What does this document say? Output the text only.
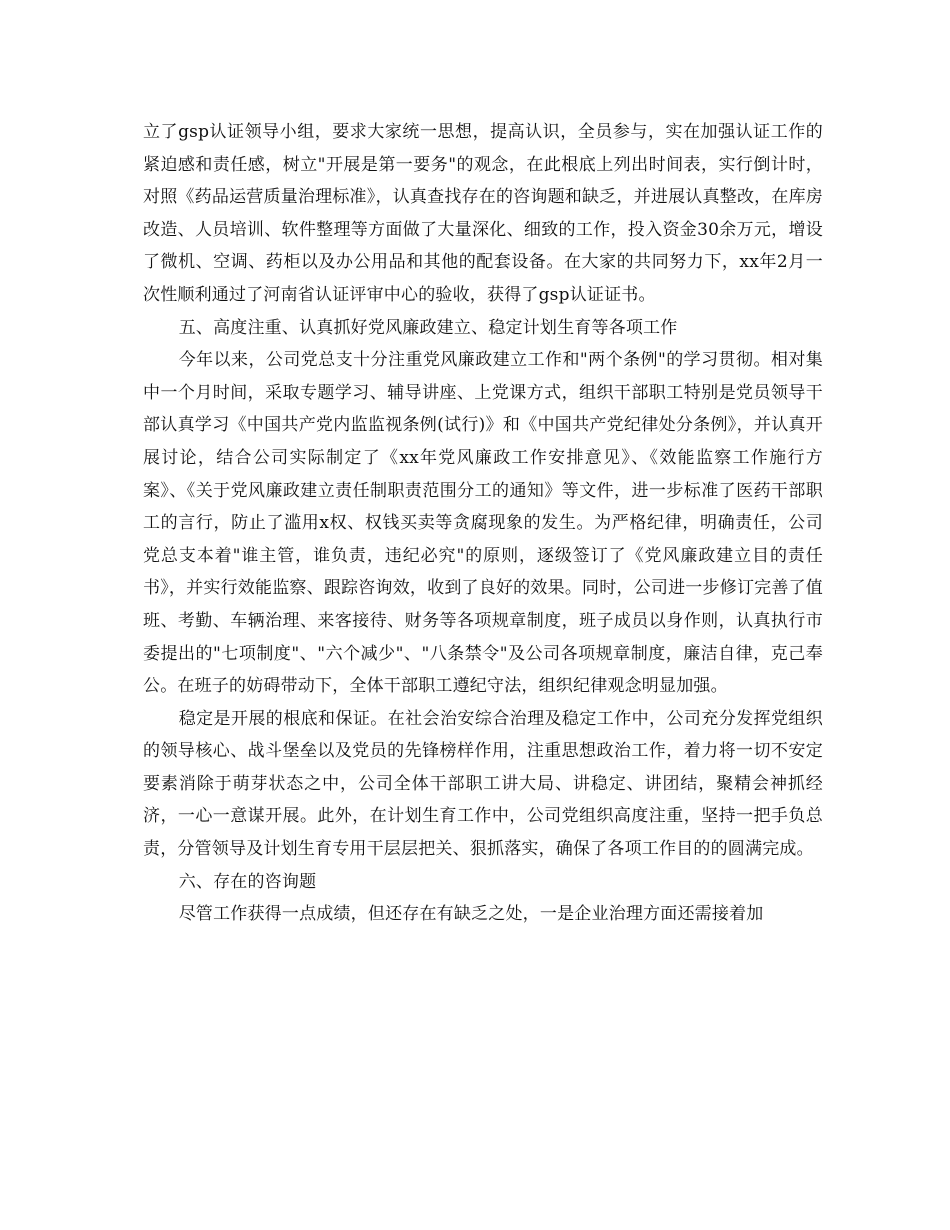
立了gsp认证领导小组，要求大家统一思想，提高认识，全员参与，实在加强认证工作的紧迫感和责任感，树立"开展是第一要务"的观念，在此根底上列出时间表，实行倒计时，对照《药品运营质量治理标准》，认真查找存在的咨询题和缺乏，并进展认真整改，在库房改造、人员培训、软件整理等方面做了大量深化、细致的工作，投入资金30余万元，增设了微机、空调、药柜以及办公用品和其他的配套设备。在大家的共同努力下，xx年2月一次性顺利通过了河南省认证评审中心的验收，获得了gsp认证证书。

五、高度注重、认真抓好党风廉政建立、稳定计划生育等各项工作

今年以来，公司党总支十分注重党风廉政建立工作和"两个条例"的学习贯彻。相对集中一个月时间，采取专题学习、辅导讲座、上党课方式，组织干部职工特别是党员领导干部认真学习《中国共产党内监监视条例(试行)》和《中国共产党纪律处分条例》，并认真开展讨论，结合公司实际制定了《xx年党风廉政工作安排意见》、《效能监察工作施行方案》、《关于党风廉政建立责任制职责范围分工的通知》等文件，进一步标准了医药干部职工的言行，防止了滥用x权、权钱买卖等贪腐现象的发生。为严格纪律，明确责任，公司党总支本着"谁主管，谁负责，违纪必究"的原则，逐级签订了《党风廉政建立目的责任书》，并实行效能监察、跟踪咨询效，收到了良好的效果。同时，公司进一步修订完善了值班、考勤、车辆治理、来客接待、财务等各项规章制度，班子成员以身作则，认真执行市委提出的"七项制度"、"六个减少"、"八条禁令"及公司各项规章制度，廉洁自律，克己奉公。在班子的妨碍带动下，全体干部职工遵纪守法，组织纪律观念明显加强。

稳定是开展的根底和保证。在社会治安综合治理及稳定工作中，公司充分发挥党组织的领导核心、战斗堡垒以及党员的先锋榜样作用，注重思想政治工作，着力将一切不安定要素消除于萌芽状态之中，公司全体干部职工讲大局、讲稳定、讲团结，聚精会神抓经济，一心一意谋开展。此外，在计划生育工作中，公司党组织高度注重，坚持一把手负总责，分管领导及计划生育专用干层层把关、狠抓落实，确保了各项工作目的的圆满完成。

六、存在的咨询题

尽管工作获得一点成绩，但还存在有缺乏之处，一是企业治理方面还需接着加
